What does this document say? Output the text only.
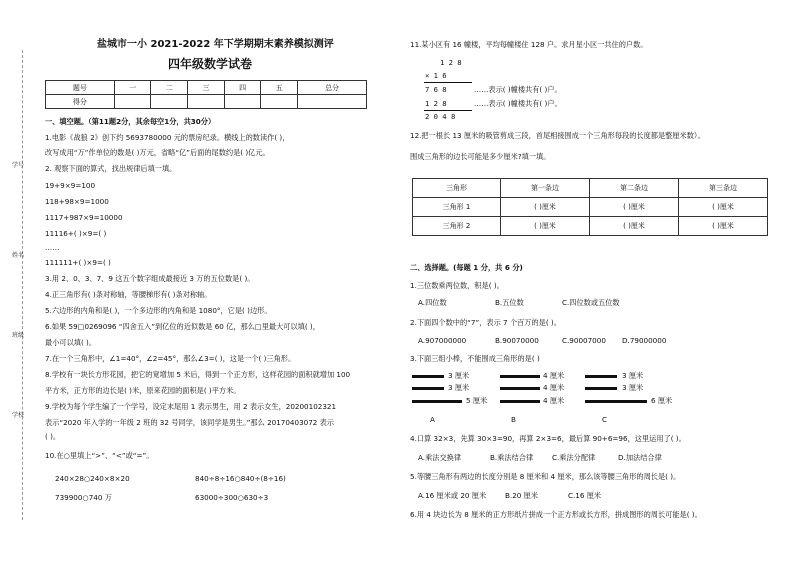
学号
姓名
班级
学校
盐城市一小 2021-2022 年下学期期末素养模拟测评
四年级数学试卷
题号	一	二	三	四	五	总分
得分						
一、填空题。（第11题2分，其余每空1分，共30分）
1.电影《战狼 2》创下约 5693780000 元的票房纪录。横线上的数读作( )，
改写成用“万”作单位的数是( )万元，省略“亿”后面的尾数约是( )亿元。
2. 观察下面的算式，找出规律后填一填。
19+9×9=100
118+98×9=1000
1117+987×9=10000
11116+( )×9=( )
……
111111+( )×9=( )
3.用 2、0、3、7、9 这五个数字组成最接近 3 万的五位数是( )。
4.正三角形有( )条对称轴，等腰梯形有( )条对称轴。
5.六边形的内角和是( )，一个多边形的内角和是 1080°，它是( )边形。
6.如果 59□0269096 “四舍五入”到亿位的近似数是 60 亿，那么□里最大可以填( )，
最小可以填( )。
7.在一个三角形中，∠1=40°，∠2=45°，那么∠3=( )，这是一个( )三角形。
8.学校有一块长方形花园，把它的宽增加 5 米后，得到一个正方形，这样花园的面积就增加 100
平方米，正方形的边长是( )米，原来花园的面积是( )平方米。
9.学校为每个学生编了一个学号，设定末尾用 1 表示男生，用 2 表示女生，20200102321
表示“2020 年入学的一年级 2 班的 32 号同学，该同学是男生。”那么 20170403072 表示
( )。
10.在○里填上“>”、“<”或“=”。
240×28○240×8×20	840÷8÷16○840÷(8÷16)
739900○740 万	63000÷300○630÷3
11.某小区有 16 幢楼，平均每幢楼住 128 户。求月星小区一共住的户数。
1 2 8
× 1 6
7 6 8	……表示( )幢楼共有( )户。
1 2 8	……表示( )幢楼共有( )户。
2 0 4 8
12.把一根长 13 厘米的吸管剪成三段，首尾相接围成一个三角形每段的长度都是整厘米数）。
围成三角形的边长可能是多少厘米?填一填。
三角形	第一条边	第二条边	第三条边
三角形 1	( )厘米	( )厘米	( )厘米
三角形 2	( )厘米	( )厘米	( )厘米
二、选择题。(每题 1 分，共 6 分)
1.三位数乘两位数，积是( )。
A.四位数	B.五位数	C.四位数或五位数
2.下面四个数中的“7”，表示 7 个百万的是( )。
A.907000000	B.90070000	C.90007000 D.79000000
3.下面三组小棒，不能围成三角形的是( )
3 厘米
3 厘米
5 厘米
A
4 厘米
4 厘米
4 厘米
B
3 厘米
3 厘米
6 厘米
C
4.口算 32×3，先算 30×3=90，再算 2×3=6，最后算 90+6=96，这里运用了( )。
A.乘法交换律	B.乘法结合律	C.乘法分配律	D.加法结合律
5.等腰三角形有两边的长度分别是 8 厘米和 4 厘米，那么该等腰三角形的周长是( )。
A.16 厘米或 20 厘米	B.20 厘米	C.16 厘米
6.用 4 块边长为 8 厘米的正方形纸片拼成一个正方形或长方形，拼成图形的周长可能是( )。
